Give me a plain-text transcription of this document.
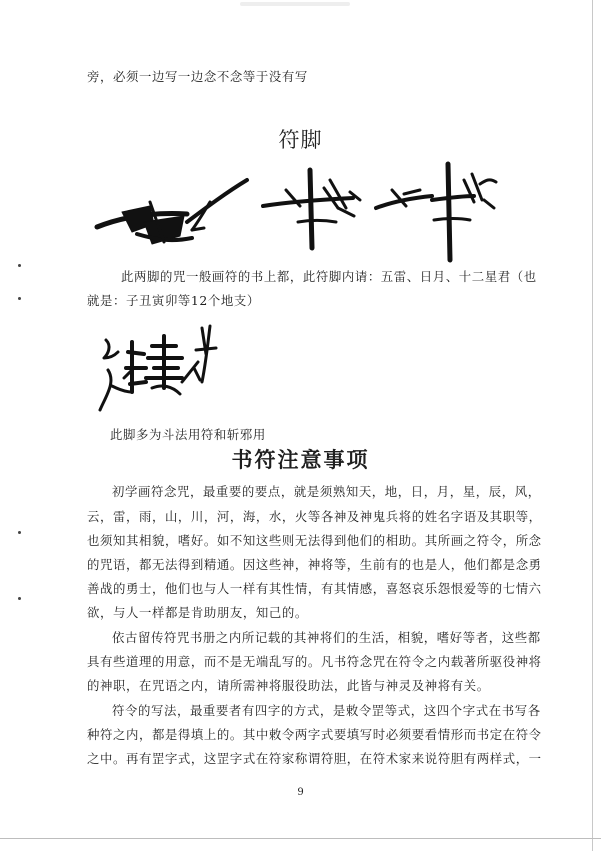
旁，必须一边写一边念不念等于没有写
符脚
此两脚的咒一般画符的书上都，此符脚内请：五雷、日月、十二星君（也
就是：子丑寅卯等12个地支）
此脚多为斗法用符和斩邪用
书符注意事项
初学画符念咒，最重要的要点，就是须熟知天，地，日，月，星，辰，风，
云，雷，雨，山，川，河，海，水，火等各神及神鬼兵将的姓名字语及其职等，
也须知其相貌，嗜好。如不知这些则无法得到他们的相助。其所画之符令，所念
的咒语，都无法得到精通。因这些神，神将等，生前有的也是人，他们都是念勇
善战的勇士，他们也与人一样有其性情，有其情感，喜怒哀乐怨恨爱等的七情六
欲，与人一样都是肯助朋友，知己的。
依古留传符咒书册之内所记载的其神将们的生活，相貌，嗜好等者，这些都
具有些道理的用意，而不是无端乱写的。凡书符念咒在符令之内载著所驱役神将
的神职，在咒语之内，请所需神将服役助法，此皆与神灵及神将有关。
符令的写法，最重要者有四字的方式，是敕令罡等式，这四个字式在书写各
种符之内，都是得填上的。其中敕令两字式要填写时必须要看情形而书定在符令
之中。再有罡字式，这罡字式在符家称谓符胆，在符术家来说符胆有两样式，一
9
